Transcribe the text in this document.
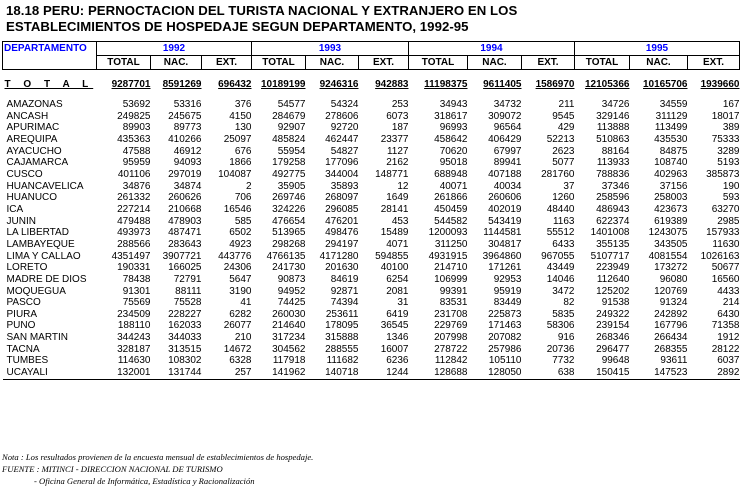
18.18 PERU: PERNOCTACION DEL TURISTA NACIONAL Y EXTRANJERO EN LOS
ESTABLECIMIENTOS DE HOSPEDAJE SEGUN DEPARTAMENTO, 1992-95
DEPARTAMENTO	1992			1993			1994			1995		
	TOTAL	NAC.	EXT.	TOTAL	NAC.	EXT.	TOTAL	NAC.	EXT.	TOTAL	NAC.	EXT.

T O T A L	9287701	8591269	696432	10189199	9246316	942883	11198375	9611405	1586970	12105366	10165706	1939660

AMAZONAS	53692	53316	376	54577	54324	253	34943	34732	211	34726	34559	167
ANCASH	249825	245675	4150	284679	278606	6073	318617	309072	9545	329146	311129	18017
APURIMAC	89903	89773	130	92907	92720	187	96993	96564	429	113888	113499	389
AREQUIPA	435363	410266	25097	485824	462447	23377	458642	406429	52213	510863	435530	75333
AYACUCHO	47588	46912	676	55954	54827	1127	70620	67997	2623	88164	84875	3289
CAJAMARCA	95959	94093	1866	179258	177096	2162	95018	89941	5077	113933	108740	5193
CUSCO	401106	297019	104087	492775	344004	148771	688948	407188	281760	788836	402963	385873
HUANCAVELICA	34876	34874	2	35905	35893	12	40071	40034	37	37346	37156	190
HUANUCO	261332	260626	706	269746	268097	1649	261866	260606	1260	258596	258003	593
ICA	227214	210668	16546	324226	296085	28141	450459	402019	48440	486943	423673	63270
JUNIN	479488	478903	585	476654	476201	453	544582	543419	1163	622374	619389	2985
LA LIBERTAD	493973	487471	6502	513965	498476	15489	1200093	1144581	55512	1401008	1243075	157933
LAMBAYEQUE	288566	283643	4923	298268	294197	4071	311250	304817	6433	355135	343505	11630
LIMA Y CALLAO	4351497	3907721	443776	4766135	4171280	594855	4931915	3964860	967055	5107717	4081554	1026163
LORETO	190331	166025	24306	241730	201630	40100	214710	171261	43449	223949	173272	50677
MADRE DE DIOS	78438	72791	5647	90873	84619	6254	106999	92953	14046	112640	96080	16560
MOQUEGUA	91301	88111	3190	94952	92871	2081	99391	95919	3472	125202	120769	4433
PASCO	75569	75528	41	74425	74394	31	83531	83449	82	91538	91324	214
PIURA	234509	228227	6282	260030	253611	6419	231708	225873	5835	249322	242892	6430
PUNO	188110	162033	26077	214640	178095	36545	229769	171463	58306	239154	167796	71358
SAN MARTIN	344243	344033	210	317234	315888	1346	207998	207082	916	268346	266434	1912
TACNA	328187	313515	14672	304562	288555	16007	278722	257986	20736	296477	268355	28122
TUMBES	114630	108302	6328	117918	111682	6236	112842	105110	7732	99648	93611	6037
UCAYALI	132001	131744	257	141962	140718	1244	128688	128050	638	150415	147523	2892
Nota : Los resultados provienen de la encuesta mensual de establecimientos de hospedaje.
FUENTE : MITINCI - DIRECCION NACIONAL DE TURISMO
- Oficina General de Informática, Estadística y Racionalización
